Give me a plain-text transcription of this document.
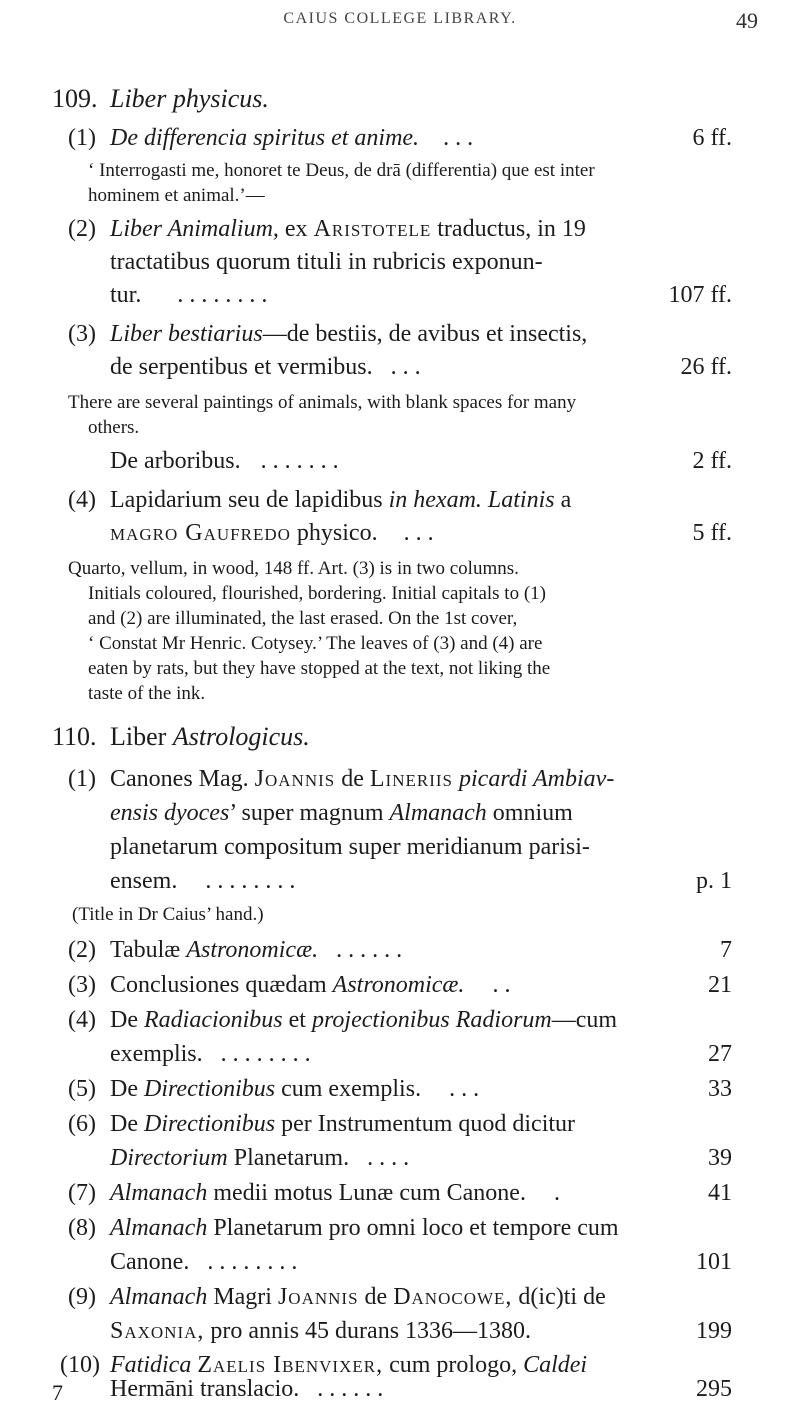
CAIUS COLLEGE LIBRARY.	49
109. Liber physicus.
(1) De differencia spiritus et anime. . . .	6 ff.
‘ Interrogasti me, honoret te Deus, de drā (differentia) que est inter
hominem et animal.’—
(2) Liber Animalium, ex Aristotele traductus, in 19
tractatibus quorum tituli in rubricis exponun-
tur. . . . . . . . .	107 ff.
(3) Liber bestiarius—de bestiis, de avibus et insectis,
de serpentibus et vermibus. . . .	26 ff.
There are several paintings of animals, with blank spaces for many
others.
De arboribus. . . . . . . .	2 ff.
(4) Lapidarium seu de lapidibus in hexam. Latinis a
magro Gaufredo physico. . . .	5 ff.
Quarto, vellum, in wood, 148 ff. Art. (3) is in two columns.
Initials coloured, flourished, bordering. Initial capitals to (1)
and (2) are illuminated, the last erased. On the 1st cover,
‘ Constat Mr Henric. Cotysey.’ The leaves of (3) and (4) are
eaten by rats, but they have stopped at the text, not liking the
taste of the ink.
110. Liber Astrologicus.
(1) Canones Mag. Joannis de Lineriis picardi Ambiav-
ensis dyoces’ super magnum Almanach omnium
planetarum compositum super meridianum parisi-
ensem. . . . . . . . .	p. 1
(Title in Dr Caius’ hand.)
(2) Tabulæ Astronomicæ. . . . . . .	7
(3) Conclusiones quædam Astronomicæ. . .	21
(4) De Radiacionibus et projectionibus Radiorum—cum
exemplis. . . . . . . . .	27
(5) De Directionibus cum exemplis. . . .	33
(6) De Directionibus per Instrumentum quod dicitur
Directorium Planetarum. . . . .	39
(7) Almanach medii motus Lunæ cum Canone. .	41
(8) Almanach Planetarum pro omni loco et tempore cum
Canone. . . . . . . . .	101
(9) Almanach Magri Joannis de Danocowe, d(ic)ti de
Saxonia, pro annis 45 durans 1336—1380.	199
(10) Fatidica Zaelis Ibenvixer, cum prologo, Caldei
Hermāni translacio. . . . . . .	295
7
